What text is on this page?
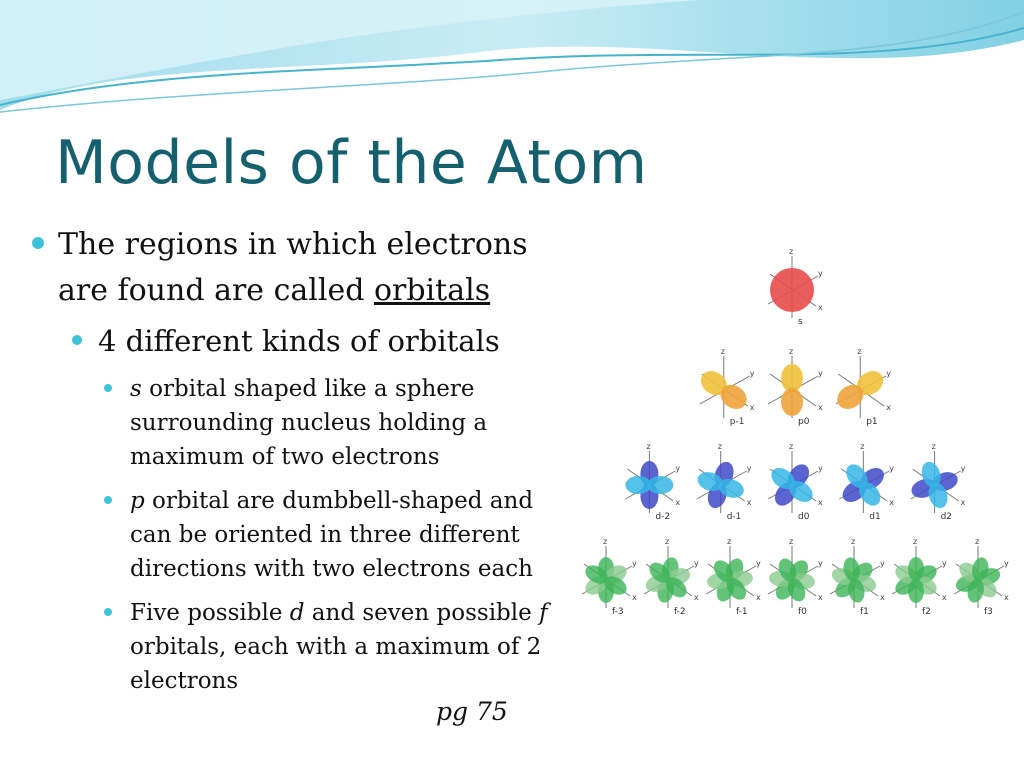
Models of the Atom
The regions in which electrons are found are called orbitals
4 different kinds of orbitals
s orbital shaped like a sphere surrounding nucleus holding a maximum of two electrons
p orbital are dumbbell-shaped and can be oriented in three different directions with two electrons each
Five possible d and seven possible f orbitals, each with a maximum of 2 electrons
pg 75
z
y
x
s
z
y
x
p-1
z
y
x
p0
z
y
x
p1
z
y
x
d-2
z
y
x
d-1
z
y
x
d0
z
y
x
d1
z
y
x
d2
z
y
x
f-3
z
y
x
f-2
z
y
x
f-1
z
y
x
f0
z
y
x
f1
z
y
x
f2
z
y
x
f3
